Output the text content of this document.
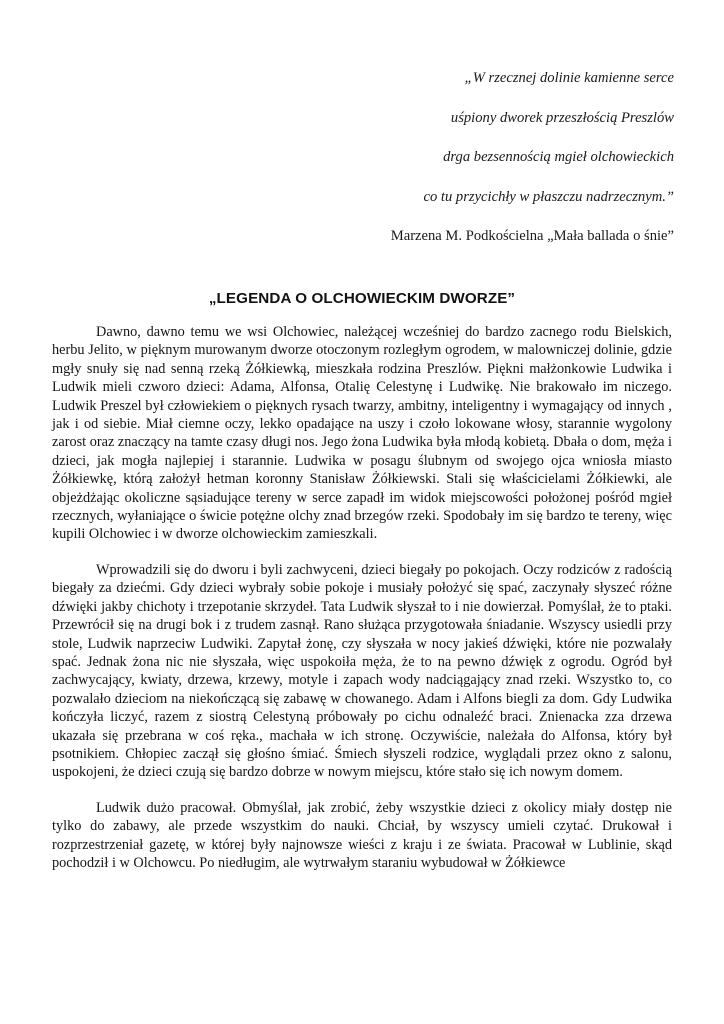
„W rzecznej dolinie kamienne serce
uśpiony dworek przeszłością Preszlów
drga bezsennością mgieł olchowieckich
co tu przycichły w płaszczu nadrzecznym.”
Marzena M. Podkościelna „Mała ballada o śnie”
„LEGENDA O OLCHOWIECKIM DWORZE”

Dawno, dawno temu we wsi Olchowiec, należącej wcześniej do bardzo zacnego rodu Bielskich, herbu Jelito, w pięknym murowanym dworze otoczonym rozległym ogrodem, w malowniczej dolinie, gdzie mgły snuły się nad senną rzeką Żółkiewką, mieszkała rodzina Preszlów. Piękni małżonkowie Ludwika i Ludwik mieli czworo dzieci: Adama, Alfonsa, Otalię Celestynę i Ludwikę. Nie brakowało im niczego. Ludwik Preszel był człowiekiem o pięknych rysach twarzy, ambitny, inteligentny i wymagający od innych , jak i od siebie. Miał ciemne oczy, lekko opadające na uszy i czoło lokowane włosy, starannie wygolony zarost oraz znaczący na tamte czasy długi nos. Jego żona Ludwika była młodą kobietą. Dbała o dom, męża i dzieci, jak mogła najlepiej i starannie. Ludwika w posagu ślubnym od swojego ojca wniosła miasto Żółkiewkę, którą założył hetman koronny Stanisław Żółkiewski. Stali się właścicielami Żółkiewki, ale objeżdżając okoliczne sąsiadujące tereny w serce zapadł im widok miejscowości położonej pośród mgieł rzecznych, wyłaniające o świcie potężne olchy znad brzegów rzeki. Spodobały im się bardzo te tereny, więc kupili Olchowiec i w dworze olchowieckim zamieszkali.

Wprowadzili się do dworu i byli zachwyceni, dzieci biegały po pokojach. Oczy rodziców z radością biegały za dziećmi. Gdy dzieci wybrały sobie pokoje i musiały położyć się spać, zaczynały słyszeć różne dźwięki jakby chichoty i trzepotanie skrzydeł. Tata Ludwik słyszał to i nie dowierzał. Pomyślał, że to ptaki. Przewrócił się na drugi bok i z trudem zasnął. Rano służąca przygotowała śniadanie. Wszyscy usiedli przy stole, Ludwik naprzeciw Ludwiki. Zapytał żonę, czy słyszała w nocy jakieś dźwięki, które nie pozwalały spać. Jednak żona nic nie słyszała, więc uspokoiła męża, że to na pewno dźwięk z ogrodu. Ogród był zachwycający, kwiaty, drzewa, krzewy, motyle i zapach wody nadciągający znad rzeki. Wszystko to, co pozwalało dzieciom na niekończącą się zabawę w chowanego. Adam i Alfons biegli za dom. Gdy Ludwika kończyła liczyć, razem z siostrą Celestyną próbowały po cichu odnaleźć braci. Znienacka zza drzewa ukazała się przebrana w coś ręka., machała w ich stronę. Oczywiście, należała do Alfonsa, który był psotnikiem. Chłopiec zaczął się głośno śmiać. Śmiech słyszeli rodzice, wyglądali przez okno z salonu, uspokojeni, że dzieci czują się bardzo dobrze w nowym miejscu, które stało się ich nowym domem.

Ludwik dużo pracował. Obmyślał, jak zrobić, żeby wszystkie dzieci z okolicy miały dostęp nie tylko do zabawy, ale przede wszystkim do nauki. Chciał, by wszyscy umieli czytać. Drukował i rozprzestrzeniał gazetę, w której były najnowsze wieści z kraju i ze świata. Pracował w Lublinie, skąd pochodził i w Olchowcu. Po niedługim, ale wytrwałym staraniu wybudował w Żółkiewce
